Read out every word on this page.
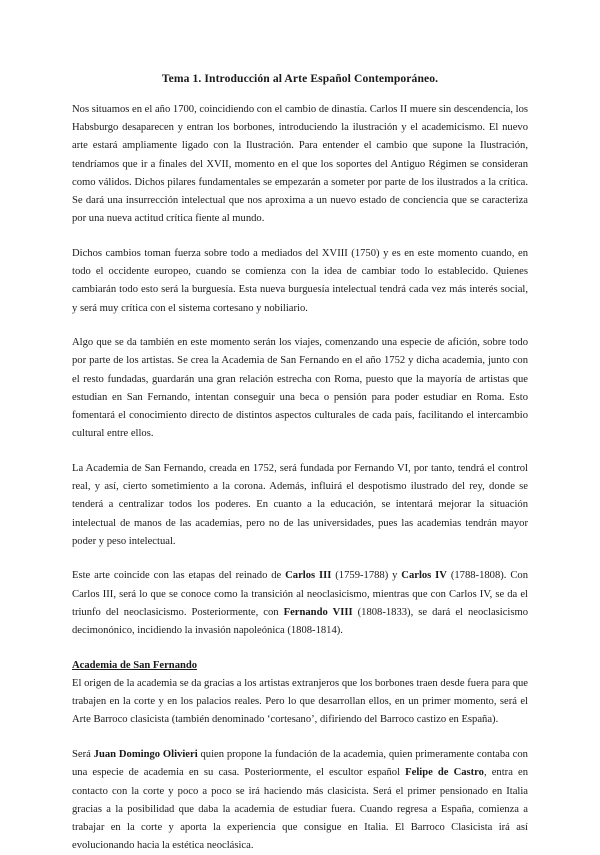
Tema 1. Introducción al Arte Español Contemporáneo.

Nos situamos en el año 1700, coincidiendo con el cambio de dinastía. Carlos II muere sin descendencia, los Habsburgo desaparecen y entran los borbones, introduciendo la ilustración y el academicismo. El nuevo arte estará ampliamente ligado con la Ilustración. Para entender el cambio que supone la Ilustración, tendríamos que ir a finales del XVII, momento en el que los soportes del Antiguo Régimen se consideran como válidos. Dichos pilares fundamentales se empezarán a someter por parte de los ilustrados a la crítica. Se dará una insurrección intelectual que nos aproxima a un nuevo estado de conciencia que se caracteriza por una nueva actitud crítica fiente al mundo.

Dichos cambios toman fuerza sobre todo a mediados del XVIII (1750) y es en este momento cuando, en todo el occidente europeo, cuando se comienza con la idea de cambiar todo lo establecido. Quienes cambiarán todo esto será la burguesía. Esta nueva burguesía intelectual tendrá cada vez más interés social, y será muy crítica con el sistema cortesano y nobiliario.

Algo que se da también en este momento serán los viajes, comenzando una especie de afición, sobre todo por parte de los artistas. Se crea la Academia de San Fernando en el año 1752 y dicha academia, junto con el resto fundadas, guardarán una gran relación estrecha con Roma, puesto que la mayoría de artistas que estudian en San Fernando, intentan conseguir una beca o pensión para poder estudiar en Roma. Esto fomentará el conocimiento directo de distintos aspectos culturales de cada país, facilitando el intercambio cultural entre ellos.

La Academia de San Fernando, creada en 1752, será fundada por Fernando VI, por tanto, tendrá el control real, y así, cierto sometimiento a la corona. Además, influirá el despotismo ilustrado del rey, donde se tenderá a centralizar todos los poderes. En cuanto a la educación, se intentará mejorar la situación intelectual de manos de las academias, pero no de las universidades, pues las academias tendrán mayor poder y peso intelectual.

Este arte coincide con las etapas del reinado de Carlos III (1759-1788) y Carlos IV (1788-1808). Con Carlos III, será lo que se conoce como la transición al neoclasicismo, mientras que con Carlos IV, se da el triunfo del neoclasicismo. Posteriormente, con Fernando VIII (1808-1833), se dará el neoclasicismo decimonónico, incidiendo la invasión napoleónica (1808-1814).

Academia de San Fernando

El origen de la academia se da gracias a los artistas extranjeros que los borbones traen desde fuera para que trabajen en la corte y en los palacios reales. Pero lo que desarrollan ellos, en un primer momento, será el Arte Barroco clasicista (también denominado ‘cortesano’, difiriendo del Barroco castizo en España).

Será Juan Domingo Olivieri quien propone la fundación de la academia, quien primeramente contaba con una especie de academia en su casa. Posteriormente, el escultor español Felipe de Castro, entra en contacto con la corte y poco a poco se irá haciendo más clasicista. Será el primer pensionado en Italia gracias a la posibilidad que daba la academia de estudiar fuera. Cuando regresa a España, comienza a trabajar en la corte y aporta la experiencia que consigue en Italia. El Barroco Clasicista irá así evolucionando hacia la estética neoclásica.
